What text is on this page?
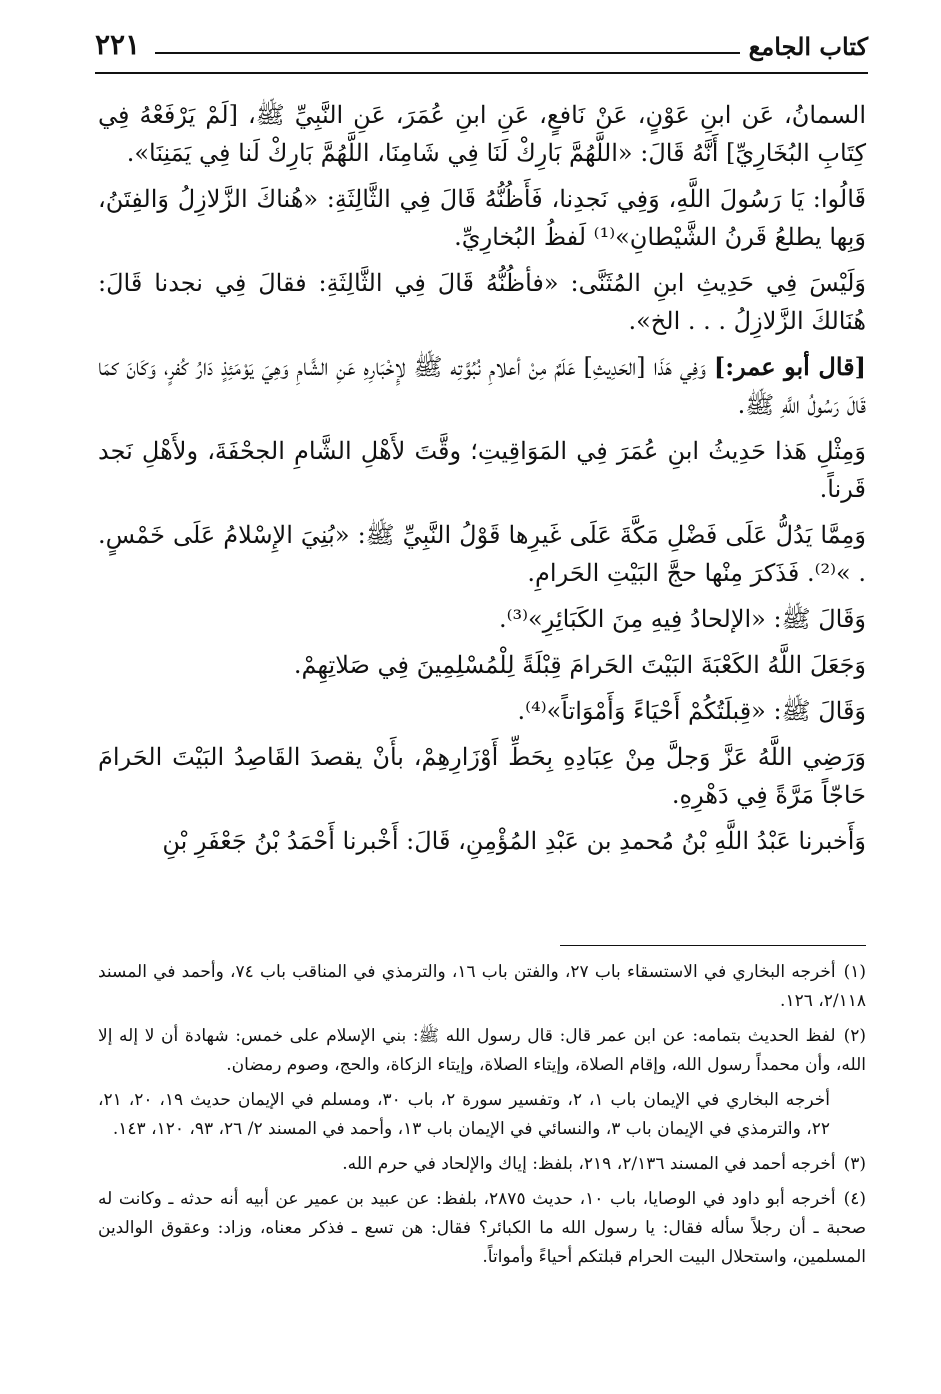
كتاب الجامع
٢٢١

السمانُ، عَن ابنِ عَوْنٍ، عَنْ نَافعٍ، عَنِ ابنِ عُمَرَ، عَنِ النَّبِيِّ ﷺ، [لَمْ يَرْفَعْهُ فِي كِتَابِ البُخَارِيِّ] أَنَّهُ قَالَ: «اللَّهُمَّ بَارِكْ لَنَا فِي شَامِنَا، اللَّهُمَّ بَارِكْ لَنا فِي يَمَنِنَا».

قَالُوا: يَا رَسُولَ اللَّهِ، وَفِي نَجدِنا، فَأَظُنُّهُ قَالَ فِي الثَّالِثَةِ: «هُناكَ الزَّلازِلُ وَالفِتَنُ، وَبِها يطلعُ قَرنُ الشَّيْطانِ»⁽¹⁾ لَفظُ البُخارِيِّ.

وَلَيْسَ فِي حَدِيثِ ابنِ المُثَنَّى: «فأظُنُّهُ قَالَ فِي الثَّالِثَةِ: فقالَ فِي نجدنا قَالَ: هُنَالكَ الزَّلازِلُ . . . الخ».

[قال أبو عمر:] وَفِي هَذَا [الحَدِيثِ] عَلَمٌ مِنْ أعلامِ نُبُوَّتِه ﷺ لإِخْبَارِهِ عَنِ الشَّامِ وَهِيَ يَوْمَئِذٍ دَارُ كُفرٍ، وَكَانَ كمَا قَالَ رَسُولُ اللَّهِ ﷺ.

وَمِثْلِ هَذا حَدِيثُ ابنِ عُمَرَ فِي المَوَاقِيتِ؛ وقَّتَ لأَهْلِ الشَّامِ الجحْفَةَ، ولأَهْلِ نَجد قَرناً.

وَمِمَّا يَدُلُّ عَلَى فَضْلِ مَكَّةَ عَلَى غَيرِها قَوْلُ النَّبِيِّ ﷺ: «بُنِيَ الإِسْلامُ عَلَى خَمْسٍ. . »⁽²⁾. فَذَكرَ مِنْها حجَّ البَيْتِ الحَرامِ.

وَقَالَ ﷺ: «الإلحادُ فِيهِ مِنَ الكَبَائِرِ»⁽³⁾.

وَجَعَلَ اللَّهُ الكَعْبَةَ البَيْتَ الحَرامَ قِبْلَةً لِلْمُسْلِمِينَ فِي صَلاتِهِمْ.

وَقَالَ ﷺ: «قِبلَتُكُمْ أَحْيَاءً وَأَمْوَاتاً»⁽⁴⁾.

وَرَضِي اللَّهُ عَزَّ وَجلَّ مِنْ عِبَادِهِ بِحَطِّ أَوْزَارِهِمْ، بأَنْ يقصدَ القَاصِدُ البَيْتَ الحَرامَ حَاجّاً مَرَّةً فِي دَهْرِهِ.

وَأَخبرنا عَبْدُ اللَّهِ بْنُ مُحمدِ بن عَبْدِ المُؤْمِنِ، قَالَ: أَخْبرنا أَحْمَدُ بْنُ جَعْفَرِ بْنِ

(١)أخرجه البخاري في الاستسقاء باب ٢٧، والفتن باب ١٦، والترمذي في المناقب باب ٧٤، وأحمد في المسند ٢/١١٨، ١٢٦.

(٢)لفظ الحديث بتمامه: عن ابن عمر قال: قال رسول الله ﷺ: بني الإسلام على خمس: شهادة أن لا إله إلا الله، وأن محمداً رسول الله، وإقام الصلاة، وإيتاء الصلاة، وإيتاء الزكاة، والحج، وصوم رمضان.

أخرجه البخاري في الإيمان باب ١، ٢، وتفسير سورة ٢، باب ٣٠، ومسلم في الإيمان حديث ١٩، ٢٠، ٢١، ٢٢، والترمذي في الإيمان باب ٣، والنسائي في الإيمان باب ١٣، وأحمد في المسند ٢/ ٢٦، ٩٣، ١٢٠، ١٤٣.

(٣)أخرجه أحمد في المسند ٢/١٣٦، ٢١٩، بلفظ: إياك والإلحاد في حرم الله.

(٤)أخرجه أبو داود في الوصايا، باب ١٠، حديث ٢٨٧٥، بلفظ: عن عبيد بن عمير عن أبيه أنه حدثه ـ وكانت له صحبة ـ أن رجلاً سأله فقال: يا رسول الله ما الكبائر؟ فقال: هن تسع ـ فذكر معناه، وزاد: وعقوق الوالدين المسلمين، واستحلال البيت الحرام قبلتكم أحياءً وأمواتاً.
